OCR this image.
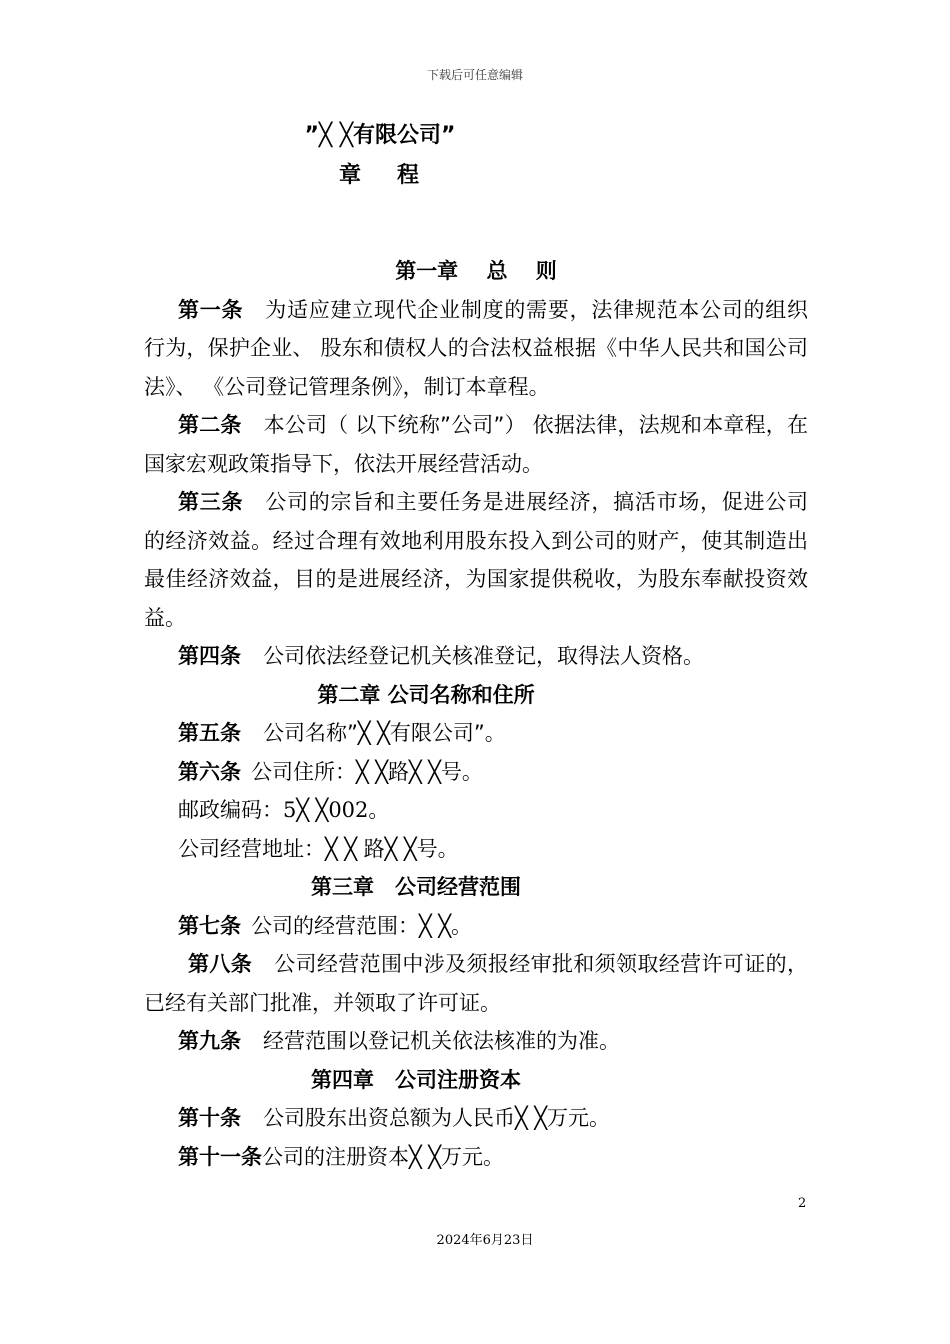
下载后可任意编辑
”╳ ╳有限公司”
章 程
第一章　 总　 则
第一条 为适应建立现代企业制度的需要，法律规范本公司的组织行为，保护企业、 股东和债权人的合法权益根据《中华人民共和国公司法》、 《公司登记管理条例》，制订本章程。
第二条 本公司（ 以下统称”公司”） 依据法律，法规和本章程，在国家宏观政策指导下，依法开展经营活动。
第三条 公司的宗旨和主要任务是进展经济，搞活市场，促进公司的经济效益。经过合理有效地利用股东投入到公司的财产，使其制造出最佳经济效益，目的是进展经济，为国家提供税收，为股东奉献投资效益。
第四条 公司依法经登记机关核准登记，取得法人资格。
第二章 公司名称和住所
第五条 公司名称”╳ ╳有限公司”。
第六条 公司住所：╳ ╳路╳ ╳号。
邮政编码：5╳ ╳002。
公司经营地址：╳ ╳ 路╳ ╳号。
第三章　公司经营范围
第七条 公司的经营范围：╳ ╳。
第八条 公司经营范围中涉及须报经审批和须领取经营许可证的，已经有关部门批准，并领取了许可证。
第九条 经营范围以登记机关依法核准的为准。
第四章　公司注册资本
第十条 公司股东出资总额为人民币╳ ╳万元。
第十一条公司的注册资本╳ ╳万元。
2
2024年6月23日
